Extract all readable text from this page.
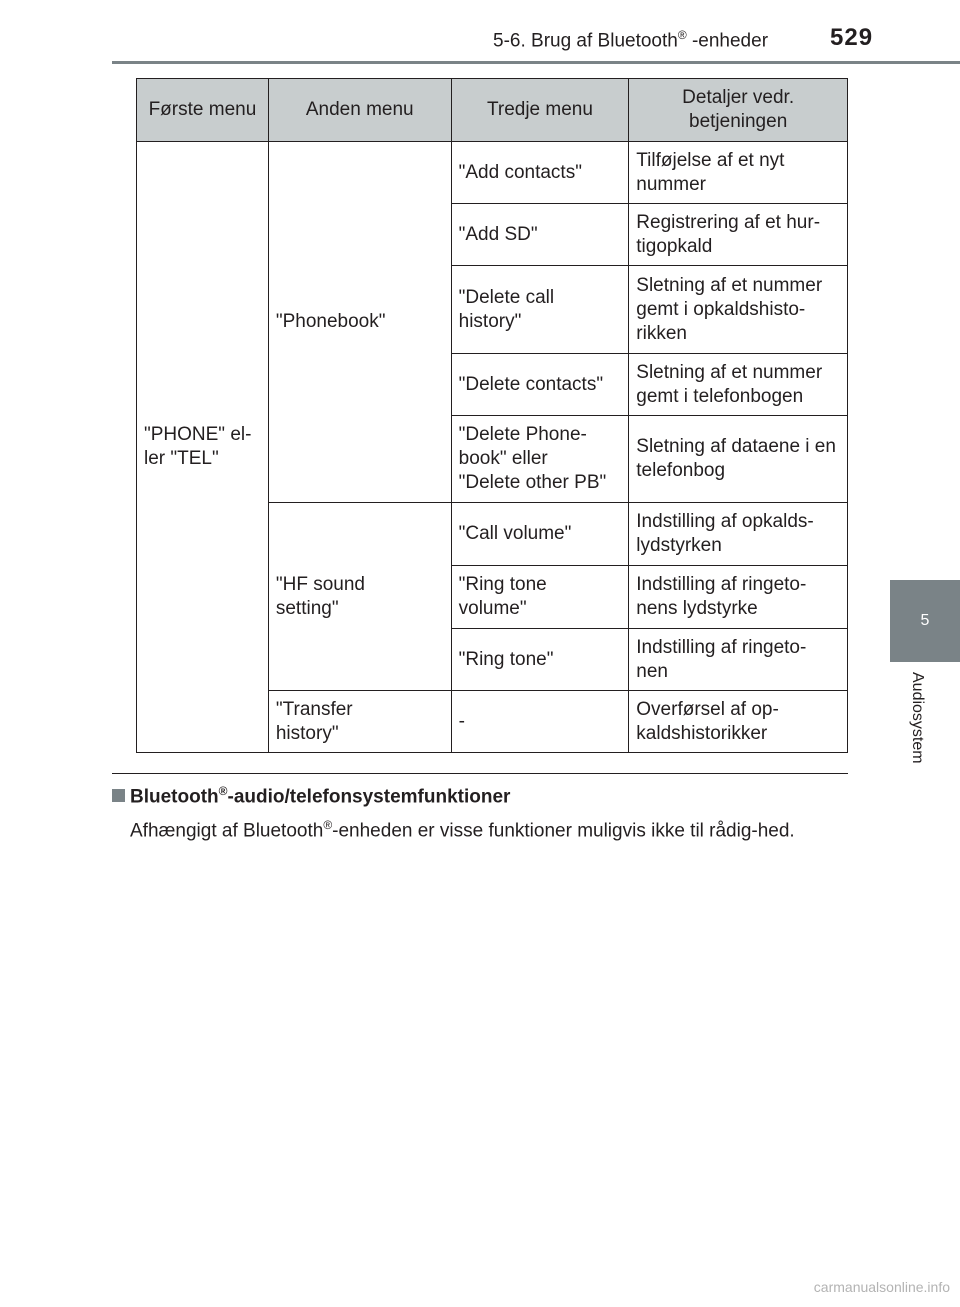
5-6. Brug af Bluetooth® -enheder	529
5
Audiosystem
Første menu	Anden menu	Tredje menu	Detaljer vedr.
betjeningen
"PHONE" el-
ler "TEL"	"Phonebook"	"Add contacts"	Tilføjelse af et nyt nummer
		"Add SD"	Registrering af et hur-tigopkald
		"Delete call
history"	Sletning af et nummer gemt i opkaldshisto-rikken
		"Delete contacts"	Sletning af et nummer gemt i telefonbogen
		"Delete Phone-
book" eller
"Delete other PB"	Sletning af dataene i en telefonbog
	"HF sound
setting"	"Call volume"	Indstilling af opkalds-lydstyrken
		"Ring tone
volume"	Indstilling af ringeto-nens lydstyrke
		"Ring tone"	Indstilling af ringeto-nen
	"Transfer
history"	-	Overførsel af op-kaldshistorikker
Bluetooth®-audio/telefonsystemfunktioner
Afhængigt af Bluetooth®-enheden er visse funktioner muligvis ikke til rådig-hed.
carmanualsonline.info
